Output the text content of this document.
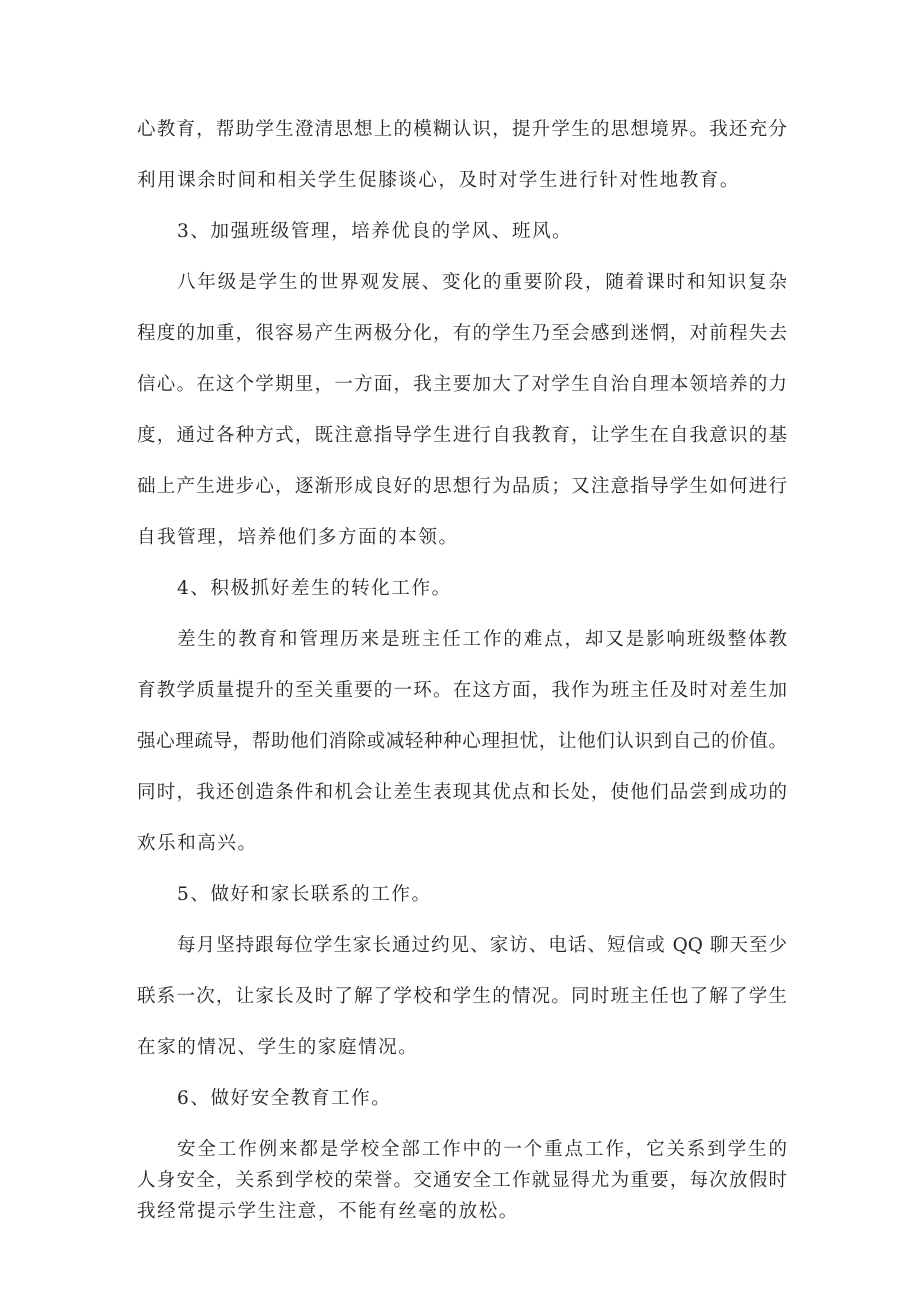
心教育，帮助学生澄清思想上的模糊认识，提升学生的思想境界。我还充分
利用课余时间和相关学生促膝谈心，及时对学生进行针对性地教育。
3、加强班级管理，培养优良的学风、班风。
八年级是学生的世界观发展、变化的重要阶段，随着课时和知识复杂
程度的加重，很容易产生两极分化，有的学生乃至会感到迷惘，对前程失去
信心。在这个学期里，一方面，我主要加大了对学生自治自理本领培养的力
度，通过各种方式，既注意指导学生进行自我教育，让学生在自我意识的基
础上产生进步心，逐渐形成良好的思想行为品质；又注意指导学生如何进行
自我管理，培养他们多方面的本领。
4、积极抓好差生的转化工作。
差生的教育和管理历来是班主任工作的难点，却又是影响班级整体教
育教学质量提升的至关重要的一环。在这方面，我作为班主任及时对差生加
强心理疏导，帮助他们消除或减轻种种心理担忧，让他们认识到自己的价值。
同时，我还创造条件和机会让差生表现其优点和长处，使他们品尝到成功的
欢乐和高兴。
5、做好和家长联系的工作。
每月坚持跟每位学生家长通过约见、家访、电话、短信或 QQ 聊天至少
联系一次，让家长及时了解了学校和学生的情况。同时班主任也了解了学生
在家的情况、学生的家庭情况。
6、做好安全教育工作。
安全工作例来都是学校全部工作中的一个重点工作，它关系到学生的
人身安全，关系到学校的荣誉。交通安全工作就显得尤为重要，每次放假时
我经常提示学生注意，不能有丝毫的放松。
